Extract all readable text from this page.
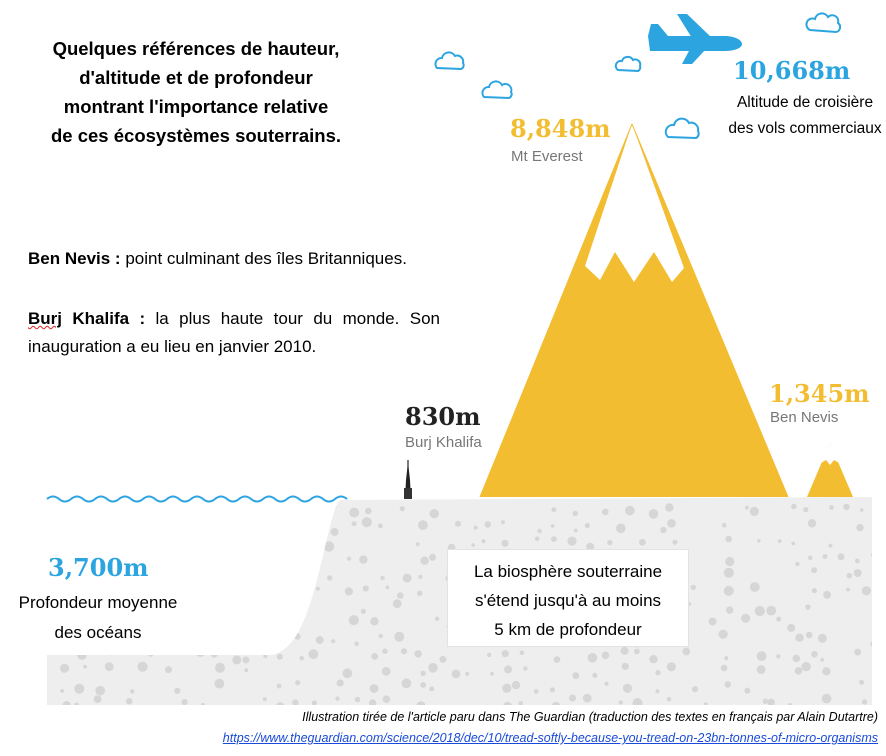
Quelques références de hauteur,
d'altitude et de profondeur
montrant l'importance relative
de ces écosystèmes souterrains.
Ben Nevis : point culminant des îles Britanniques.
Burj Khalifa : la plus haute tour du monde. Son inauguration a eu lieu en janvier 2010.
10,668m
Altitude de croisière
des vols commerciaux
8,848m
Mt Everest
1,345m
Ben Nevis
830m
Burj Khalifa
3,700m
Profondeur moyenne
des océans
La biosphère souterraine
s'étend jusqu'à au moins
5 km de profondeur
Illustration tirée de l'article paru dans The Guardian (traduction des textes en français par Alain Dutartre)
https://www.theguardian.com/science/2018/dec/10/tread-softly-because-you-tread-on-23bn-tonnes-of-micro-organisms
